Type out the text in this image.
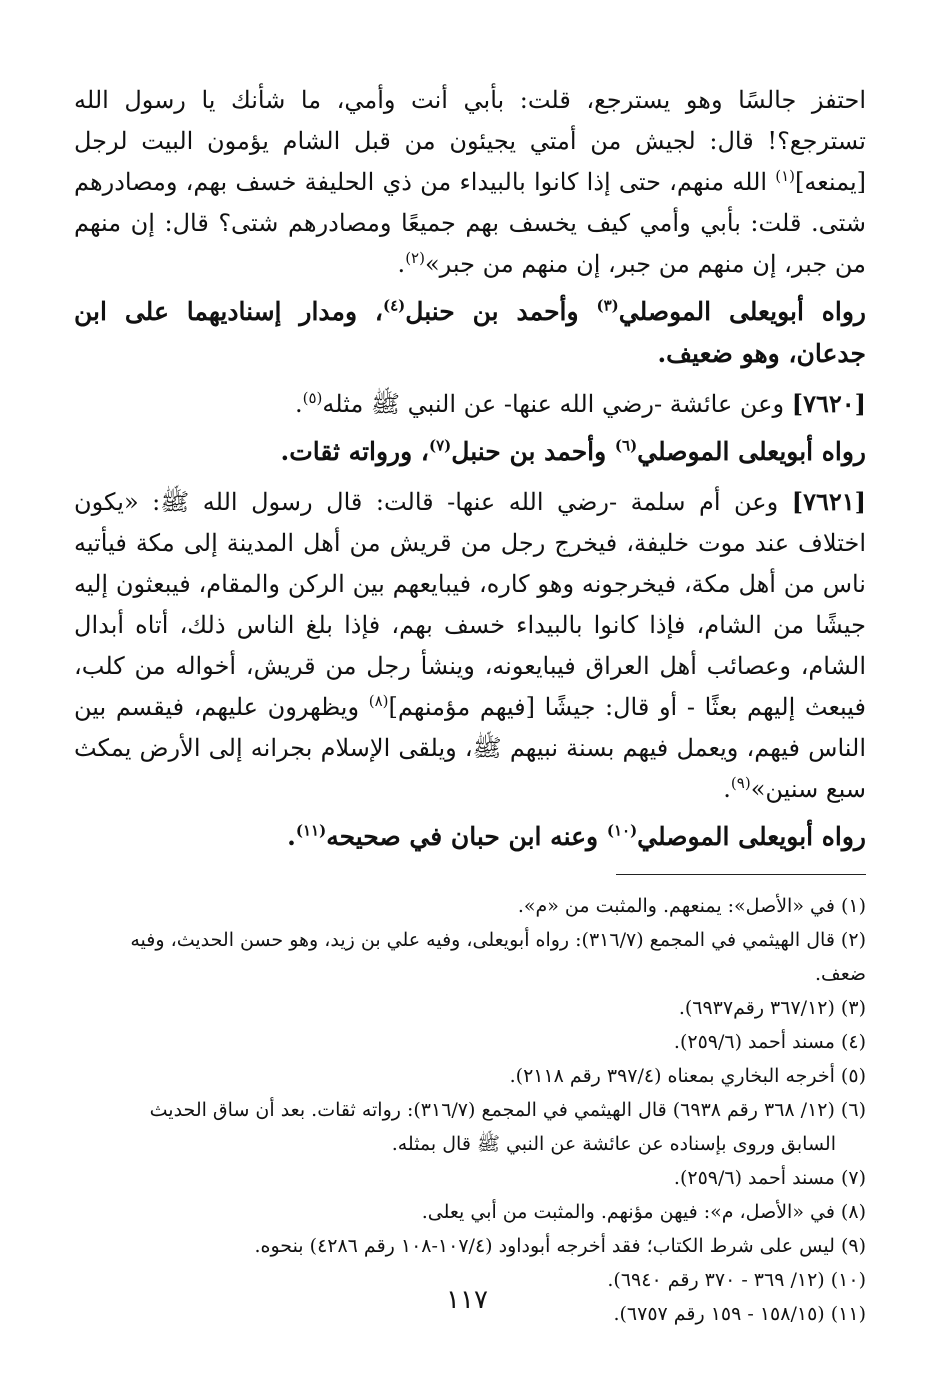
احتفز جالسًا وهو يسترجع، قلت: بأبي أنت وأمي، ما شأنك يا رسول الله تسترجع؟! قال: لجيش من أمتي يجيئون من قبل الشام يؤمون البيت لرجل [يمنعه]$^{(١)}$ الله منهم، حتى إذا كانوا بالبيداء من ذي الحليفة خسف بهم، ومصادرهم شتى. قلت: بأبي وأمي كيف يخسف بهم جميعًا ومصادرهم شتى؟ قال: إن منهم من جبر، إن منهم من جبر، إن منهم من جبر»$^{(٢)}$.

رواه أبويعلى الموصلي$^{(٣)}$ وأحمد بن حنبل$^{(٤)}$، ومدار إسناديهما على ابن جدعان، وهو ضعيف.

[٧٦٢٠] وعن عائشة -رضي الله عنها- عن النبي ﷺ مثله$^{(٥)}$.

رواه أبويعلى الموصلي$^{(٦)}$ وأحمد بن حنبل$^{(٧)}$، ورواته ثقات.

[٧٦٢١] وعن أم سلمة -رضي الله عنها- قالت: قال رسول الله ﷺ: «يكون اختلاف عند موت خليفة، فيخرج رجل من قريش من أهل المدينة إلى مكة فيأتيه ناس من أهل مكة، فيخرجونه وهو كاره، فيبايعهم بين الركن والمقام، فيبعثون إليه جيشًا من الشام، فإذا كانوا بالبيداء خسف بهم، فإذا بلغ الناس ذلك، أتاه أبدال الشام، وعصائب أهل العراق فيبايعونه، وينشأ رجل من قريش، أخواله من كلب، فيبعث إليهم بعثًا - أو قال: جيشًا [فيهم مؤمنهم]$^{(٨)}$ ويظهرون عليهم، فيقسم بين الناس فيهم، ويعمل فيهم بسنة نبيهم ﷺ، ويلقى الإسلام بجرانه إلى الأرض يمكث سبع سنين»$^{(٩)}$.

رواه أبويعلى الموصلي$^{(١٠)}$ وعنه ابن حبان في صحيحه$^{(١١)}$.

(١) في «الأصل»: يمنعهم. والمثبت من «م».

(٢) قال الهيثمي في المجمع (٣١٦/٧): رواه أبويعلى، وفيه علي بن زيد، وهو حسن الحديث، وفيه ضعف.

(٣) (٣٦٧/١٢ رقم٦٩٣٧).

(٤) مسند أحمد (٢٥٩/٦).

(٥) أخرجه البخاري بمعناه (٣٩٧/٤ رقم ٢١١٨).

(٦) (١٢/ ٣٦٨ رقم ٦٩٣٨) قال الهيثمي في المجمع (٣١٦/٧): رواته ثقات. بعد أن ساق الحديث

السابق وروى بإسناده عن عائشة عن النبي ﷺ قال بمثله.

(٧) مسند أحمد (٢٥٩/٦).

(٨) في «الأصل، م»: فيهن مؤنهم. والمثبت من أبي يعلى.

(٩) ليس على شرط الكتاب؛ فقد أخرجه أبوداود (١٠٧/٤-١٠٨ رقم ٤٢٨٦) بنحوه.

(١٠) (١٢/ ٣٦٩ - ٣٧٠ رقم ٦٩٤٠).

(١١) (١٥٨/١٥ - ١٥٩ رقم ٦٧٥٧).

١١٧
